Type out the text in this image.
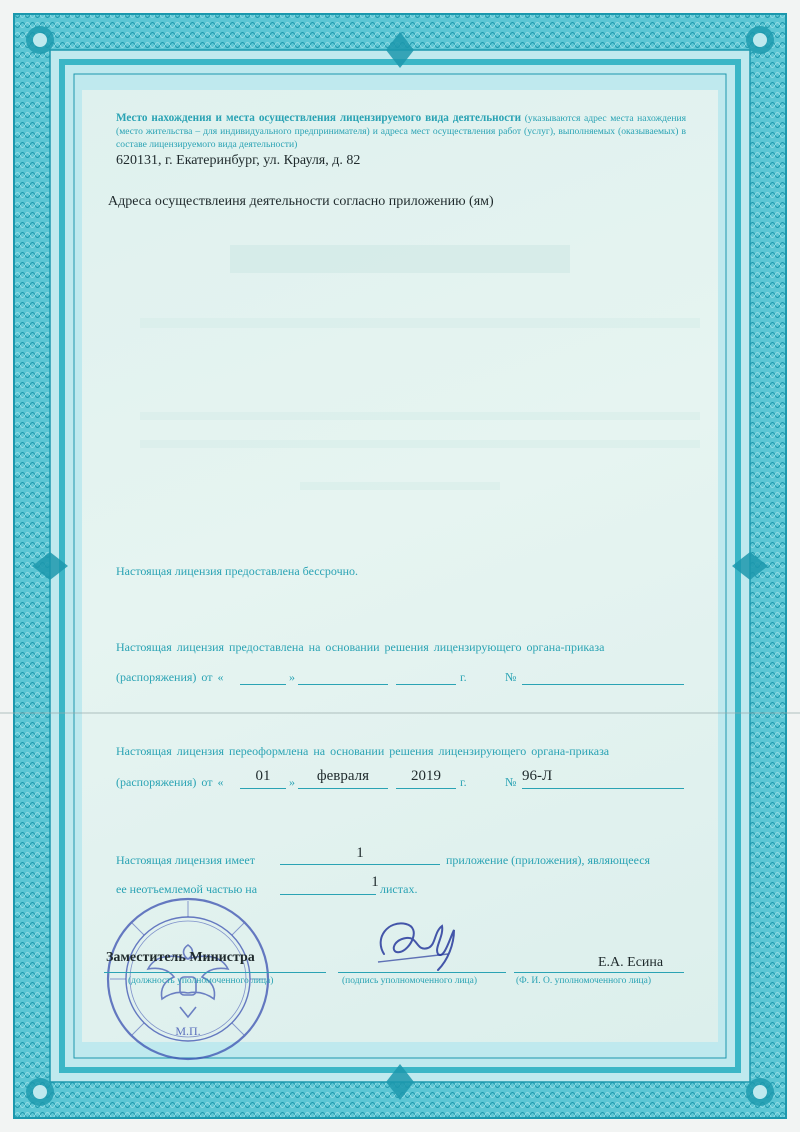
Место нахождения и места осуществления лицензируемого вида деятельности (указываются адрес места нахождения (место жительства – для индивидуального предпринимателя) и адреса мест осуществления работ (услуг), выполняемых (оказываемых) в составе лицензируемого вида деятельности)
620131, г. Екатеринбург, ул. Крауля, д. 82
Адреса осуществлеиня деятельности согласно приложению (ям)
Настоящая лицензия предоставлена бессрочно.
Настоящая лицензия предоставлена на основании решения лицензирующего органа-приказа
(распоряжения) от «	»	г.	№
Настоящая лицензия переоформлена на основании решения лицензирующего органа-приказа
(распоряжения) от «	01	»	февраля	2019	г.	№ 96-Л
Настоящая лицензия имеет	1	приложение (приложения), являющееся
ее неотъемлемой частью на	1 листах.
М.П.
Заместитель Министра
(должность уполномоченного лица)	(подпись уполномоченного лица)
Е.А. Есина
(Ф. И. О. уполномоченного лица)
